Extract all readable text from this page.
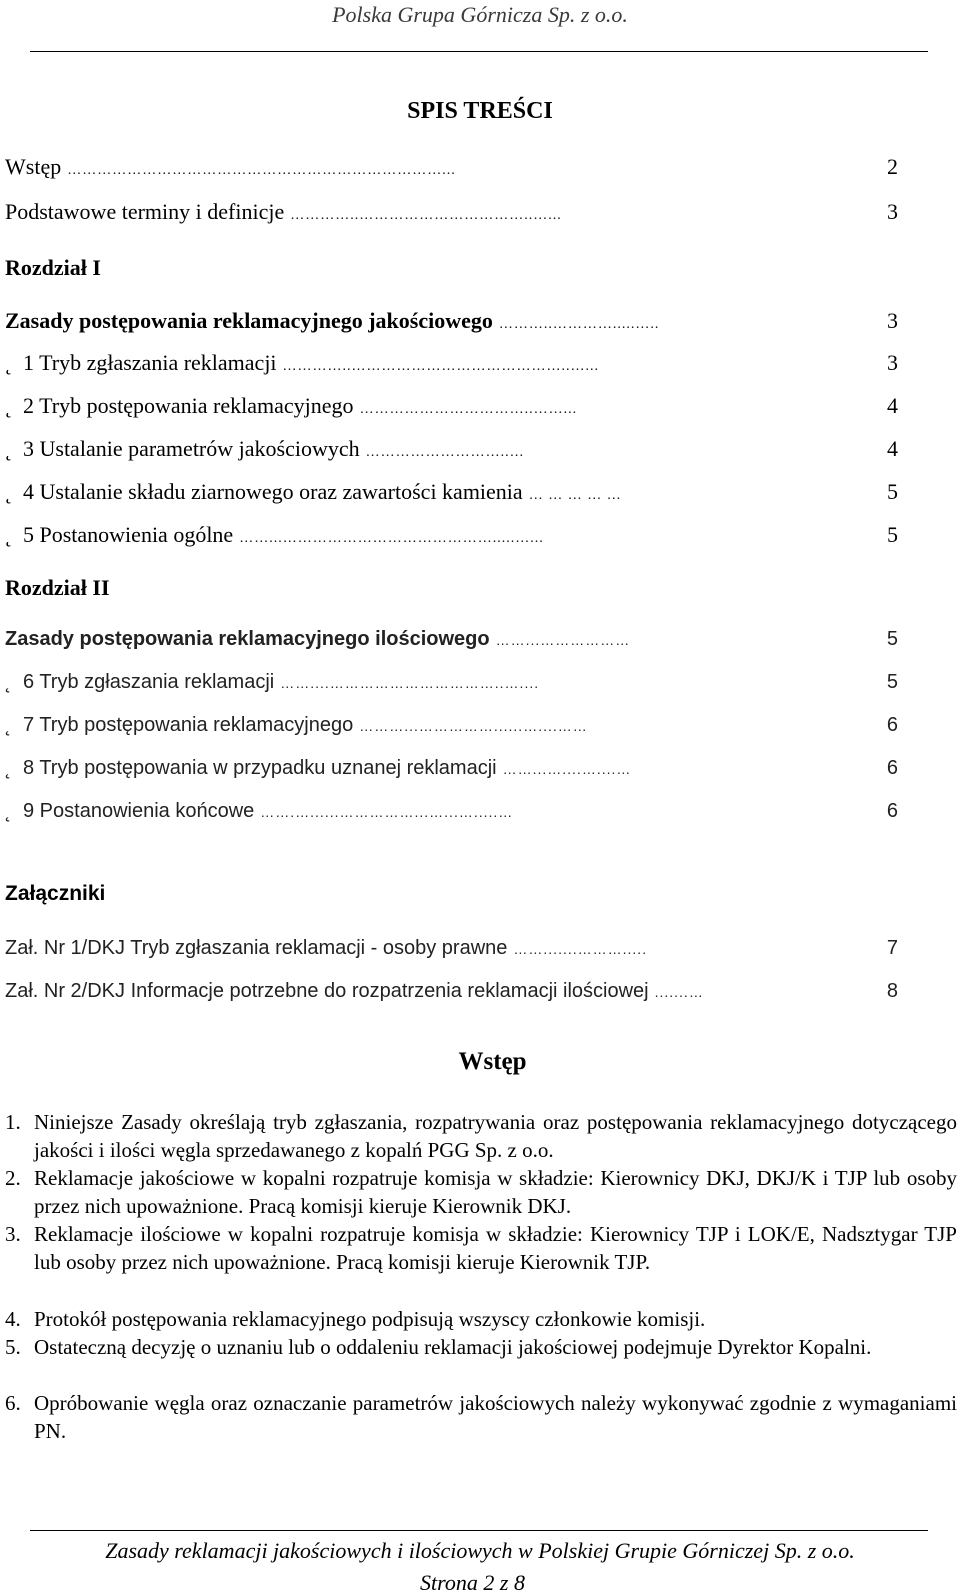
Polska Grupa Górnicza Sp. z o.o.
SPIS TREŚCI
Wstęp …………………………………………………………………...	2
Podstawowe terminy i definicje …………..……………………………..…...	3
Rozdział I
Zasady postępowania reklamacyjnego jakościowego ………..………….....…..	3
˛ 1 Tryb zgłaszania reklamacji …………..……………………………………..…...	3
˛ 2 Tryb postępowania reklamacyjnego ……………………………..……...	4
˛ 3 Ustalanie parametrów jakościowych ………………………..…	4
˛ 4 Ustalanie składu ziarnowego oraz zawartości kamienia … … … … …	5
˛ 5 Postanowienia ogólne ……...…………………………………….....…...	5
Rozdział II
Zasady postępowania reklamacyjnego ilościowego ……...………………	5
˛ 6 Tryb zgłaszania reklamacji ……....……………………………..…....	5
˛ 7 Tryb postępowania reklamacyjnego ………...……………......…....……	6
˛ 8 Tryb postępowania w przypadku uznanej reklamacji ……...…....…....…	6
˛ 9 Postanowienia końcowe …….…......……………...…...….....…	6
Załączniki
Zał. Nr 1/DKJ Tryb zgłaszania reklamacji - osoby prawne …….......……….....	7
Zał. Nr 2/DKJ Informacje potrzebne do rozpatrzenia reklamacji ilościowej .......…	8
Wstęp
1. Niniejsze Zasady określają tryb zgłaszania, rozpatrywania oraz postępowania reklamacyjnego dotyczącego jakości i ilości węgla sprzedawanego z kopalń PGG Sp. z o.o.
2. Reklamacje jakościowe w kopalni rozpatruje komisja w składzie: Kierownicy DKJ, DKJ/K i TJP lub osoby przez nich upoważnione. Pracą komisji kieruje Kierownik DKJ.
3. Reklamacje ilościowe w kopalni rozpatruje komisja w składzie: Kierownicy TJP i LOK/E, Nadsztygar TJP lub osoby przez nich upoważnione. Pracą komisji kieruje Kierownik TJP.
4. Protokół postępowania reklamacyjnego podpisują wszyscy członkowie komisji.
5. Ostateczną decyzję o uznaniu lub o oddaleniu reklamacji jakościowej podejmuje Dyrektor Kopalni.
6. Opróbowanie węgla oraz oznaczanie parametrów jakościowych należy wykonywać zgodnie z wymaganiami PN.
Zasady reklamacji jakościowych i ilościowych w Polskiej Grupie Górniczej Sp. z o.o.
Strona 2 z 8
